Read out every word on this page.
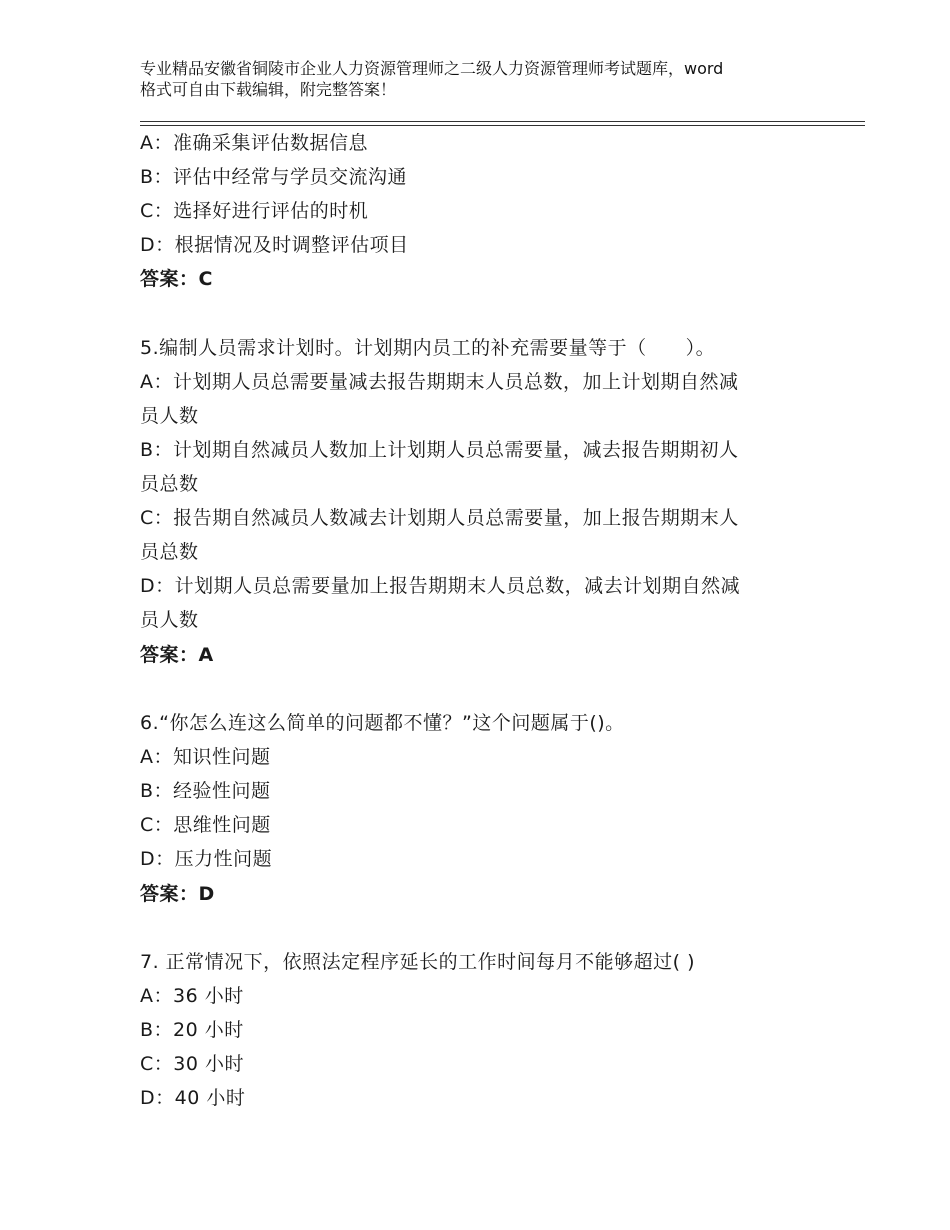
专业精品安徽省铜陵市企业人力资源管理师之二级人力资源管理师考试题库，word
格式可自由下载编辑，附完整答案！
A：准确采集评估数据信息
B：评估中经常与学员交流沟通
C：选择好进行评估的时机
D：根据情况及时调整评估项目
答案：C
5.编制人员需求计划时。计划期内员工的补充需要量等于（　　）。
A：计划期人员总需要量减去报告期期末人员总数，加上计划期自然减
员人数
B：计划期自然减员人数加上计划期人员总需要量，减去报告期期初人
员总数
C：报告期自然减员人数减去计划期人员总需要量，加上报告期期末人
员总数
D：计划期人员总需要量加上报告期期末人员总数，减去计划期自然减
员人数
答案：A
6.“你怎么连这么简单的问题都不懂？”这个问题属于()。
A：知识性问题
B：经验性问题
C：思维性问题
D：压力性问题
答案：D
7. 正常情况下，依照法定程序延长的工作时间每月不能够超过( )
A：36 小时
B：20 小时
C：30 小时
D：40 小时
